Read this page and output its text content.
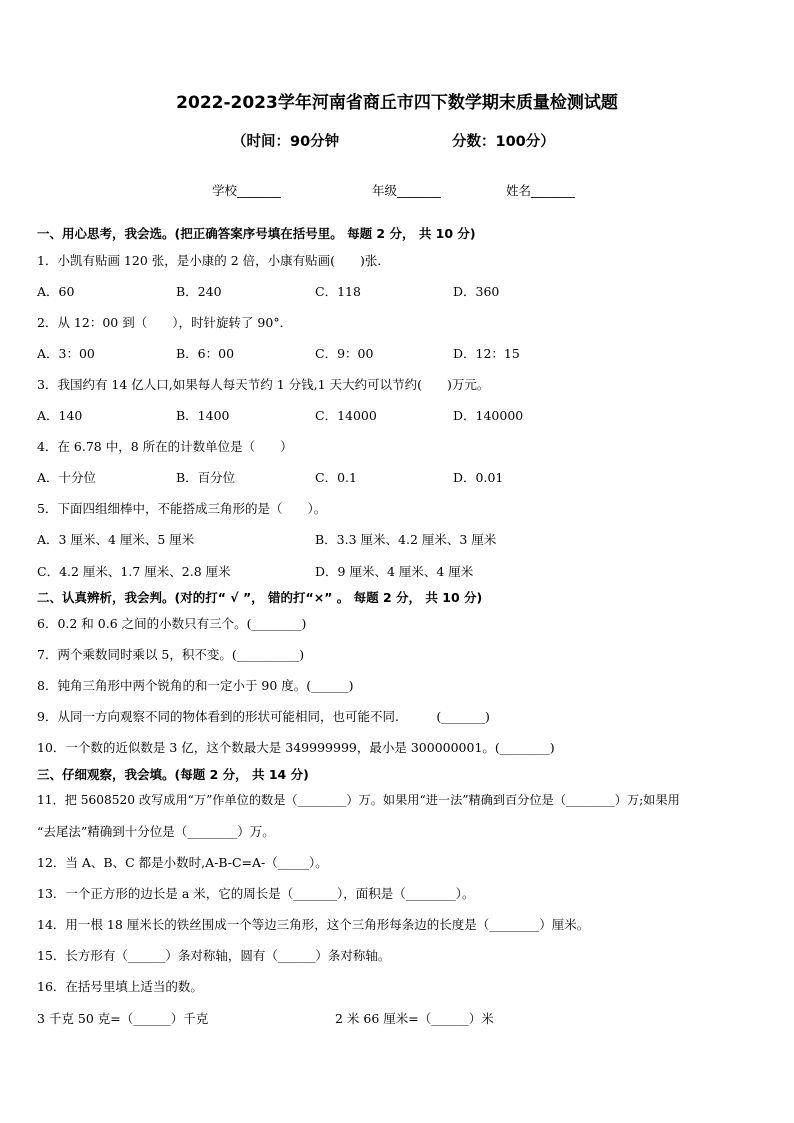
2022-2023学年河南省商丘市四下数学期末质量检测试题
（时间：90分钟	分数：100分）
学校_______	年级_______	姓名_______
一、用心思考，我会选。(把正确答案序号填在括号里。 每题 2 分， 共 10 分)
1．小凯有贴画 120 张，是小康的 2 倍，小康有贴画(　　)张．
A．60	B．240	C．118	D．360
2．从 12：00 到（　　），时针旋转了 90°．
A．3：00	B．6：00	C．9：00	D．12：15
3．我国约有 14 亿人口,如果每人每天节约 1 分钱,1 天大约可以节约(　　)万元。
A．140	B．1400	C．14000	D．140000
4．在 6.78 中，8 所在的计数单位是（　　）
A．十分位	B．百分位	C．0.1	D．0.01
5．下面四组细棒中，不能搭成三角形的是（　　）。
A．3 厘米、4 厘米、5 厘米	B．3.3 厘米、4.2 厘米、3 厘米
C．4.2 厘米、1.7 厘米、2.8 厘米	D．9 厘米、4 厘米、4 厘米
二、认真辨析，我会判。(对的打“ √ ”， 错的打“×” 。 每题 2 分， 共 10 分)
6．0.2 和 0.6 之间的小数只有三个。(________)
7．两个乘数同时乘以 5，积不变。(__________)
8．钝角三角形中两个锐角的和一定小于 90 度。(______)
9．从同一方向观察不同的物体看到的形状可能相同，也可能不同.　　　(_______)
10．一个数的近似数是 3 亿，这个数最大是 349999999，最小是 300000001。(________)
三、仔细观察，我会填。(每题 2 分， 共 14 分)
11．把 5608520 改写成用“万”作单位的数是（________）万。如果用“进一法”精确到百分位是（________）万;如果用
“去尾法”精确到十分位是（________）万。
12．当 A、B、C 都是小数时,A-B-C=A-（_____）。
13．一个正方形的边长是 a 米，它的周长是（_______），面积是（________）。
14．用一根 18 厘米长的铁丝围成一个等边三角形，这个三角形每条边的长度是（________）厘米。
15．长方形有（______）条对称轴，圆有（______）条对称轴。
16．在括号里填上适当的数。
3 千克 50 克=（______）千克	2 米 66 厘米=（______）米
